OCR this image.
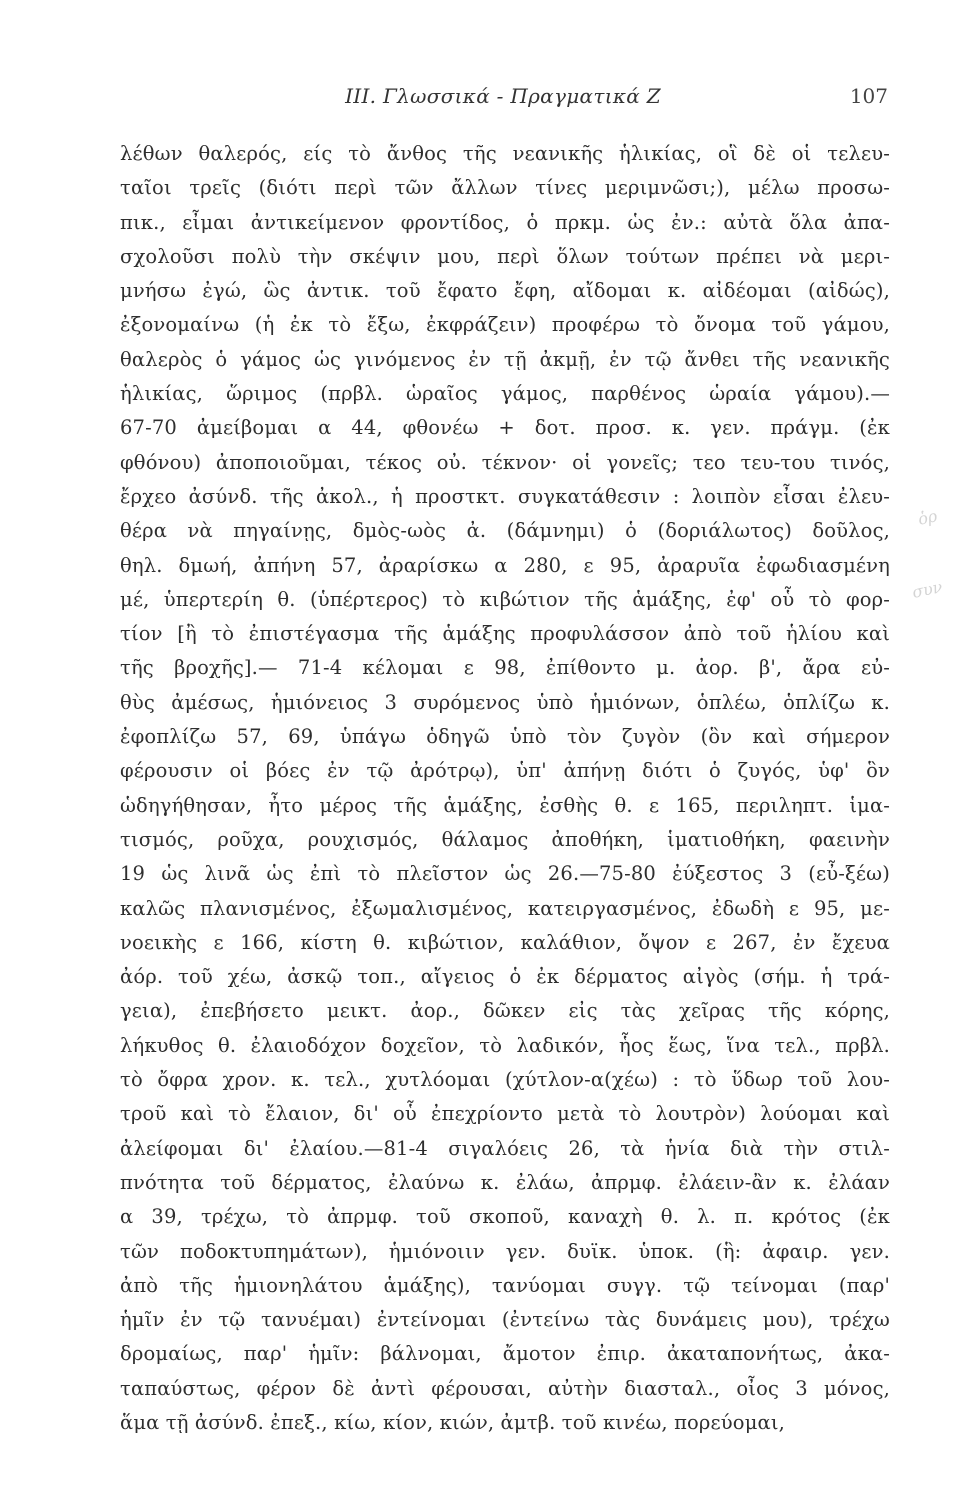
ΙΙΙ. Γλωσσικά - Πραγματικά Ζ	107
λέθων θαλερός, είς τὸ ἄνθος τῆς νεανικῆς ἡλικίας, οἳ δὲ οἱ τελευ-
ταῖοι τρεῖς (διότι περὶ τῶν ἄλλων τίνες μεριμνῶσι;), μέλω προσω-
πικ., εἶμαι ἀντικείμενον φροντίδος, ὁ πρκμ. ὡς ἐν.: αὐτὰ ὅλα ἀπα-
σχολοῦσι πολὺ τὴν σκέψιν μου, περὶ ὅλων τούτων πρέπει νὰ μερι-
μνήσω ἐγώ, ὣς ἀντικ. τοῦ ἔφατο ἔφη, αἴδομαι κ. αἰδέομαι (αἰδώς),
ἐξονομαίνω (ἡ ἐκ τὸ ἔξω, ἐκφράζειν) προφέρω τὸ ὄνομα τοῦ γάμου,
θαλερὸς ὁ γάμος ὡς γινόμενος ἐν τῇ ἀκμῇ, ἐν τῷ ἄνθει τῆς νεανικῆς
ἡλικίας, ὥριμος (πρβλ. ὡραῖος γάμος, παρθένος ὡραία γάμου).—
67-70 ἀμείβομαι α 44, φθονέω + δοτ. προσ. κ. γεν. πράγμ. (ἐκ
φθόνου) ἀποποιοῦμαι, τέκος οὐ. τέκνον· οἱ γονεῖς; τεο τευ-του τινός,
ἔρχεο ἀσύνδ. τῆς ἀκολ., ἡ προστκτ. συγκατάθεσιν : λοιπὸν εἶσαι ἐλευ-
θέρα νὰ πηγαίνῃς, δμὸς-ωὸς ἀ. (δάμνημι) ὁ (δοριάλωτος) δοῦλος,
θηλ. δμωή, ἀπήνη 57, ἀραρίσκω α 280, ε 95, ἀραρυῖα ἐφωδιασμένη
μέ, ὑπερτερίη θ. (ὑπέρτερος) τὸ κιβώτιον τῆς ἁμάξης, ἐφ' οὗ τὸ φορ-
τίον [ἢ τὸ ἐπιστέγασμα τῆς ἁμάξης προφυλάσσον ἀπὸ τοῦ ἡλίου καὶ
τῆς βροχῆς].— 71-4 κέλομαι ε 98, ἐπίθοντο μ. ἀορ. β', ἄρα εὐ-
θὺς ἀμέσως, ἡμιόνειος 3 συρόμενος ὑπὸ ἡμιόνων, ὁπλέω, ὁπλίζω κ.
ἐφοπλίζω 57, 69, ὑπάγω ὁδηγῶ ὑπὸ τὸν ζυγὸν (ὃν καὶ σήμερον
φέρουσιν οἱ βόες ἐν τῷ ἀρότρῳ), ὑπ' ἀπήνῃ διότι ὁ ζυγός, ὑφ' ὃν
ὡδηγήθησαν, ἦτο μέρος τῆς ἁμάξης, ἐσθὴς θ. ε 165, περιληπτ. ἱμα-
τισμός, ροῦχα, ρουχισμός, θάλαμος ἀποθήκη, ἱματιοθήκη, φαεινὴν
19 ὡς λινᾶ ὡς ἐπὶ τὸ πλεῖστον ὡς 26.—75-80 ἐύξεστος 3 (εὖ-ξέω)
καλῶς πλανισμένος, ἐξωμαλισμένος, κατειργασμένος, ἐδωδὴ ε 95, με-
νοεικὴς ε 166, κίστη θ. κιβώτιον, καλάθιον, ὄψον ε 267, ἐν ἔχευα
ἀόρ. τοῦ χέω, ἀσκῷ τοπ., αἴγειος ὁ ἐκ δέρματος αἰγὸς (σήμ. ἡ τρά-
γεια), ἐπεβήσετο μεικτ. ἀορ., δῶκεν εἰς τὰς χεῖρας τῆς κόρης,
λήκυθος θ. ἐλαιοδόχον δοχεῖον, τὸ λαδικόν, ἧος ἕως, ἵνα τελ., πρβλ.
τὸ ὄφρα χρον. κ. τελ., χυτλόομαι (χύτλον-α(χέω) : τὸ ὕδωρ τοῦ λου-
τροῦ καὶ τὸ ἔλαιον, δι' οὗ ἐπεχρίοντο μετὰ τὸ λουτρὸν) λούομαι καὶ
ἀλείφομαι δι' ἐλαίου.—81-4 σιγαλόεις 26, τὰ ἡνία διὰ τὴν στιλ-
πνότητα τοῦ δέρματος, ἐλαύνω κ. ἐλάω, ἀπρμφ. ἐλάειν-ἂν κ. ἐλάαν
α 39, τρέχω, τὸ ἀπρμφ. τοῦ σκοποῦ, καναχὴ θ. λ. π. κρότος (ἐκ
τῶν ποδοκτυπημάτων), ἡμιόνοιιν γεν. δυϊκ. ὑποκ. (ἣ: ἀφαιρ. γεν.
ἀπὸ τῆς ἡμιονηλάτου ἁμάξης), τανύομαι συγγ. τῷ τείνομαι (παρ'
ἡμῖν ἐν τῷ τανυέμαι) ἐντείνομαι (ἐντείνω τὰς δυνάμεις μου), τρέχω
δρομαίως, παρ' ἡμῖν: βάλνομαι, ἄμοτον ἐπιρ. ἀκαταπονήτως, ἀκα-
ταπαύστως, φέρον δὲ ἀντὶ φέρουσαι, αὐτὴν διασταλ., οἶος 3 μόνος,
ἅμα τῇ ἀσύνδ. ἐπεξ., κίω, κίον, κιών, ἀμτβ. τοῦ κινέω, πορεύομαι,
ὁρ
συν
